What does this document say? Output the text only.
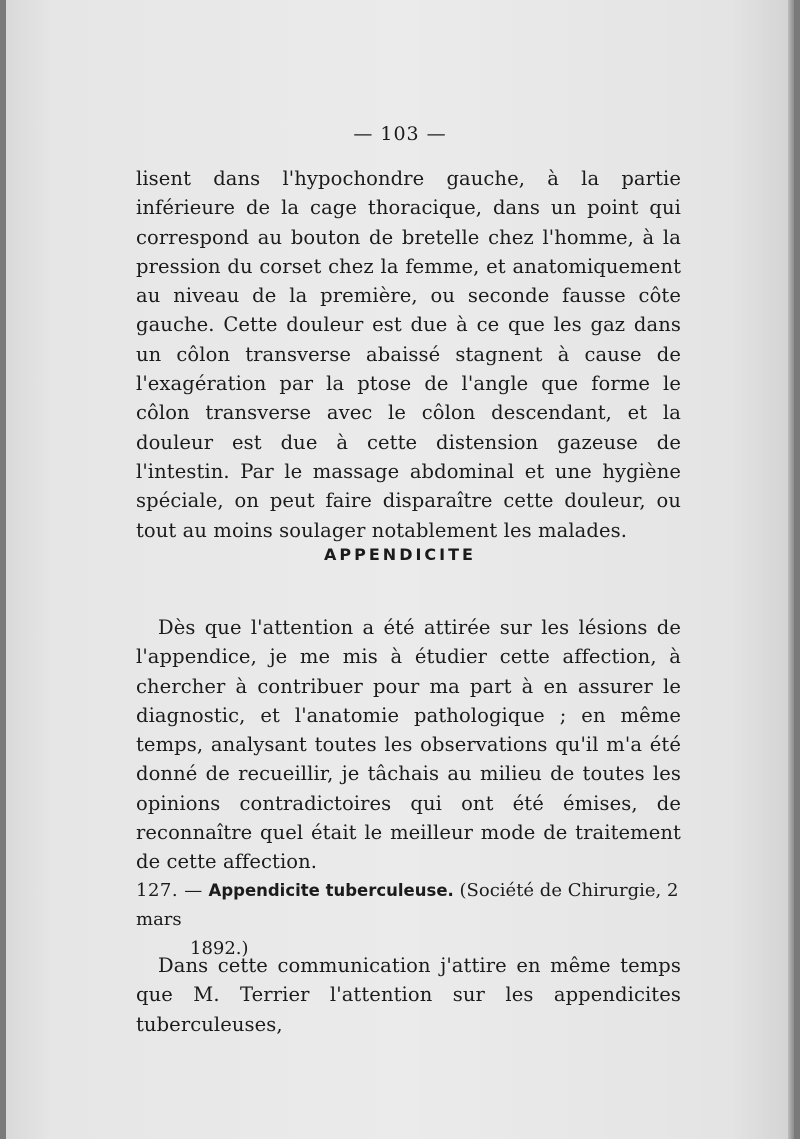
— 103 —

lisent dans l'hypochondre gauche, à la partie inférieure de la cage thoracique, dans un point qui correspond au bouton de bretelle chez l'homme, à la pression du corset chez la femme, et anatomiquement au niveau de la première, ou seconde fausse côte gauche. Cette douleur est due à ce que les gaz dans un côlon transverse abaissé stagnent à cause de l'exagération par la ptose de l'angle que forme le côlon transverse avec le côlon descendant, et la douleur est due à cette distension gazeuse de l'intestin. Par le massage abdominal et une hygiène spéciale, on peut faire disparaître cette douleur, ou tout au moins soulager notablement les malades.

APPENDICITE

Dès que l'attention a été attirée sur les lésions de l'appendice, je me mis à étudier cette affection, à chercher à contribuer pour ma part à en assurer le diagnostic, et l'anatomie pathologique ; en même temps, analysant toutes les observations qu'il m'a été donné de recueillir, je tâchais au milieu de toutes les opinions contradictoires qui ont été émises, de reconnaître quel était le meilleur mode de traitement de cette affection.

127. — Appendicite tuberculeuse. (Société de Chirurgie, 2 mars
1892.)

Dans cette communication j'attire en même temps que M. Terrier l'attention sur les appendicites tuberculeuses,
